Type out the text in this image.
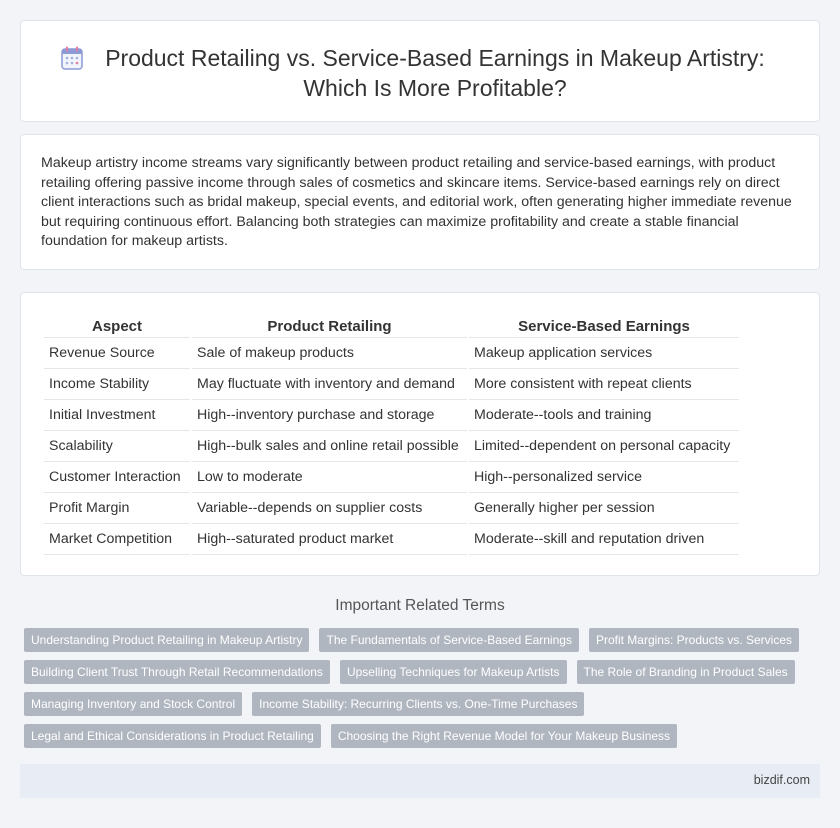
Product Retailing vs. Service-Based Earnings in Makeup Artistry: Which Is More Profitable?

Makeup artistry income streams vary significantly between product retailing and service-based earnings, with product retailing offering passive income through sales of cosmetics and skincare items. Service-based earnings rely on direct client interactions such as bridal makeup, special events, and editorial work, often generating higher immediate revenue but requiring continuous effort. Balancing both strategies can maximize profitability and create a stable financial foundation for makeup artists.

Aspect	Product Retailing	Service-Based Earnings
Revenue Source	Sale of makeup products	Makeup application services
Income Stability	May fluctuate with inventory and demand	More consistent with repeat clients
Initial Investment	High--inventory purchase and storage	Moderate--tools and training
Scalability	High--bulk sales and online retail possible	Limited--dependent on personal capacity
Customer Interaction	Low to moderate	High--personalized service
Profit Margin	Variable--depends on supplier costs	Generally higher per session
Market Competition	High--saturated product market	Moderate--skill and reputation driven
Important Related Terms
Understanding Product Retailing in Makeup Artistry	The Fundamentals of Service-Based Earnings	Profit Margins: Products vs. Services
Building Client Trust Through Retail Recommendations	Upselling Techniques for Makeup Artists	The Role of Branding in Product Sales
Managing Inventory and Stock Control	Income Stability: Recurring Clients vs. One-Time Purchases
Legal and Ethical Considerations in Product Retailing	Choosing the Right Revenue Model for Your Makeup Business
bizdif.com
